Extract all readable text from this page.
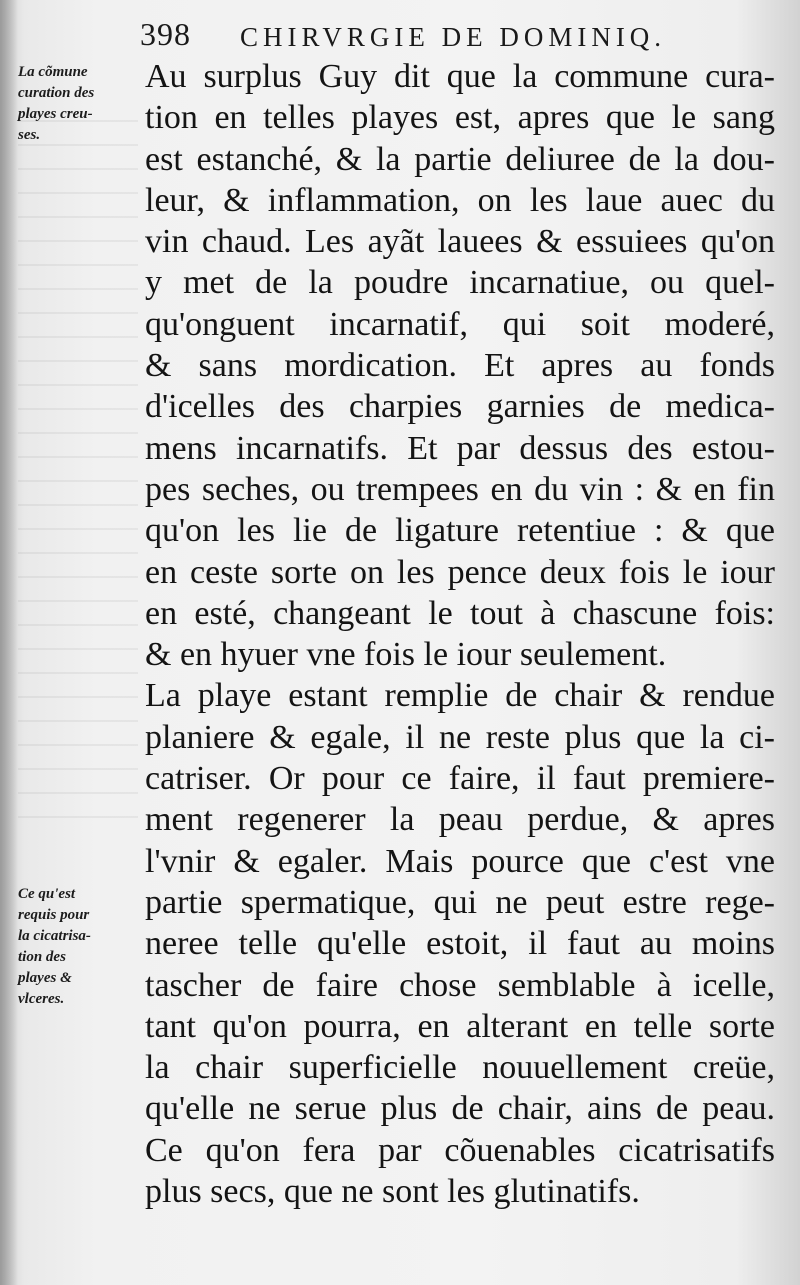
398 CHIRVRGIE DE DOMINIQ.
La cõmune
curation des
playes creu-
ses.
Ce qu'est
requis pour
la cicatrisa-
tion des
playes &
vlceres.
Au surplus Guy dit que la commune cura-
tion en telles playes est, apres que le sang
est estanché, & la partie deliuree de la dou-
leur, & inflammation, on les laue auec du
vin chaud. Les ayãt lauees & essuiees qu'on
y met de la poudre incarnatiue, ou quel-
qu'onguent incarnatif, qui soit moderé,
& sans mordication. Et apres au fonds
d'icelles des charpies garnies de medica-
mens incarnatifs. Et par dessus des estou-
pes seches, ou trempees en du vin : & en fin
qu'on les lie de ligature retentiue : & que
en ceste sorte on les pence deux fois le iour
en esté, changeant le tout à chascune fois:
& en hyuer vne fois le iour seulement.
La playe estant remplie de chair & rendue
planiere & egale, il ne reste plus que la ci-
catriser. Or pour ce faire, il faut premiere-
ment regenerer la peau perdue, & apres
l'vnir & egaler. Mais pource que c'est vne
partie spermatique, qui ne peut estre rege-
neree telle qu'elle estoit, il faut au moins
tascher de faire chose semblable à icelle,
tant qu'on pourra, en alterant en telle sorte
la chair superficielle nouuellement creüe,
qu'elle ne serue plus de chair, ains de peau.
Ce qu'on fera par cõuenables cicatrisatifs
plus secs, que ne sont les glutinatifs.
